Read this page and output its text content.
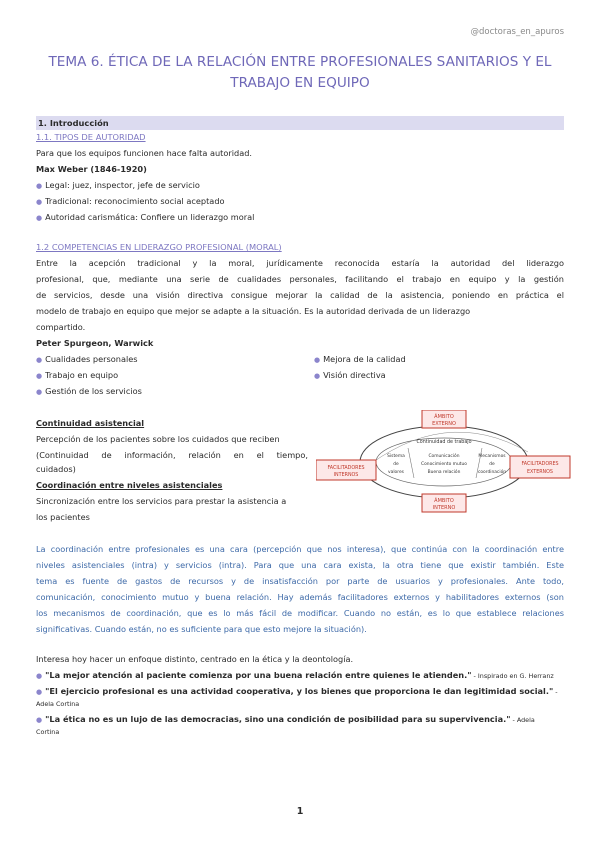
@doctoras_en_apuros
TEMA 6. ÉTICA DE LA RELACIÓN ENTRE PROFESIONALES SANITARIOS Y EL
TRABAJO EN EQUIPO
1. Introducción

1.1. TIPOS DE AUTORIDAD

Para que los equipos funcionen hace falta autoridad.

Max Weber (1846-1920)

● Legal: juez, inspector, jefe de servicio

● Tradicional: reconocimiento social aceptado

● Autoridad carismática: Confiere un liderazgo moral

1.2 COMPETENCIAS EN LIDERAZGO PROFESIONAL (MORAL)

Entre la acepción tradicional y la moral, jurídicamente reconocida estaría la autoridad del liderazgo

profesional, que, mediante una serie de cualidades personales, facilitando el trabajo en equipo y la gestión

de servicios, desde una visión directiva consigue mejorar la calidad de la asistencia, poniendo en práctica el

modelo de trabajo en equipo que mejor se adapte a la situación. Es la autoridad derivada de un liderazgo

compartido.

Peter Spurgeon, Warwick

● Cualidades personales

● Trabajo en equipo

● Gestión de los servicios

● Mejora de la calidad

● Visión directiva

Continuidad asistencial

Percepción de los pacientes sobre los cuidados que reciben

(Continuidad de información, relación en el tiempo,

cuidados)

Coordinación entre niveles asistenciales

Sincronización entre los servicios para prestar la asistencia a

los pacientes

Continuidad de trabajo
ÁMBITO
EXTERNO
FACILITADORES
INTERNOS
FACILITADORES
EXTERNOS
ÁMBITO
INTERNO
Sistema
de
valores
Comunicación
Conocimiento mutuo
Buena relación
Mecanismos
de
coordinación

La coordinación entre profesionales es una cara (percepción que nos interesa), que continúa con la coordinación entre

niveles asistenciales (intra) y servicios (intra). Para que una cara exista, la otra tiene que existir también. Este

tema es fuente de gastos de recursos y de insatisfacción por parte de usuarios y profesionales. Ante todo,

comunicación, conocimiento mutuo y buena relación. Hay además facilitadores externos y habilitadores externos (son

los mecanismos de coordinación, que es lo más fácil de modificar. Cuando no están, es lo que establece relaciones

significativas. Cuando están, no es suficiente para que esto mejore la situación).

Interesa hoy hacer un enfoque distinto, centrado en la ética y la deontología.

● "La mejor atención al paciente comienza por una buena relación entre quienes le atienden." - Inspirado en G. Herranz

● "El ejercicio profesional es una actividad cooperativa, y los bienes que proporciona le dan legitimidad social." -

Adela Cortina

● "La ética no es un lujo de las democracias, sino una condición de posibilidad para su supervivencia." - Adela

Cortina

1
